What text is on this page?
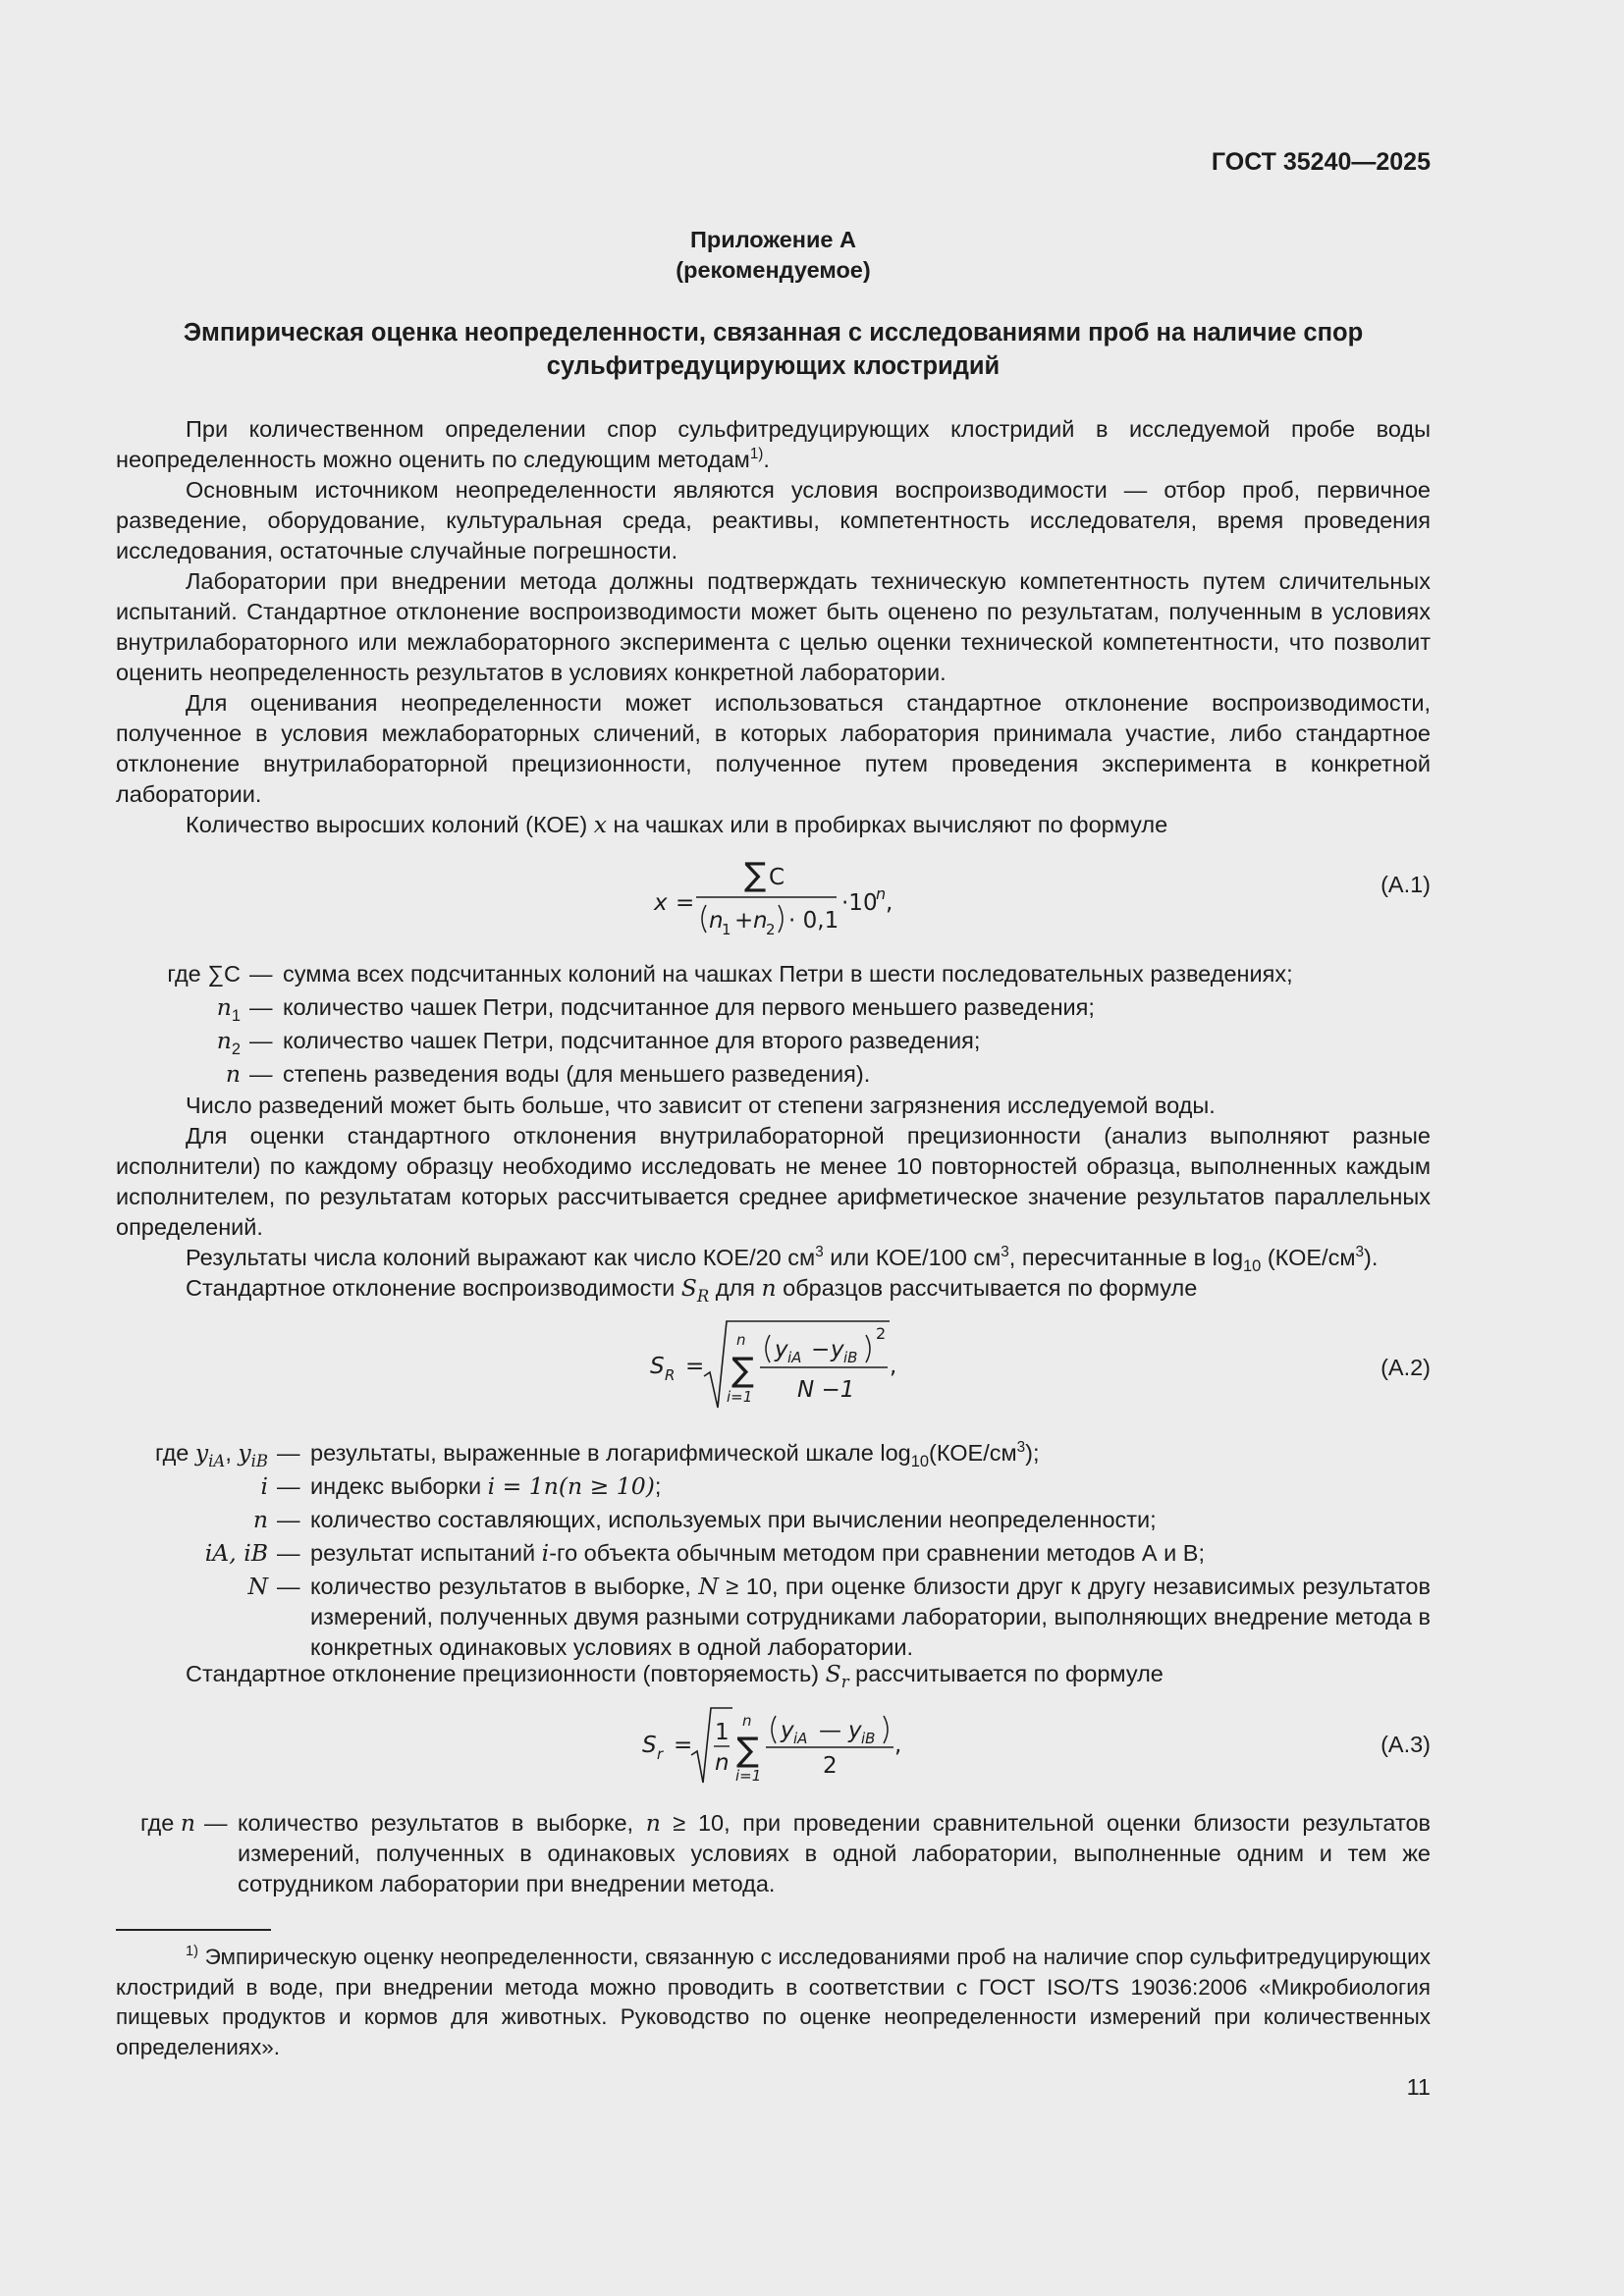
ГОСТ 35240—2025
Приложение А
(рекомендуемое)
Эмпирическая оценка неопределенности, связанная с исследованиями проб на наличие спор
сульфитредуцирующих клостридий

При количественном определении спор сульфитредуцирующих клостридий в исследуемой пробе воды неопределенность можно оценить по следующим методам$^{1)}$.

Основным источником неопределенности являются условия воспроизводимости — отбор проб, первичное разведение, оборудование, культуральная среда, реактивы, компетентность исследователя, время проведения исследования, остаточные случайные погрешности.

Лаборатории при внедрении метода должны подтверждать техническую компетентность путем сличительных испытаний. Стандартное отклонение воспроизводимости может быть оценено по результатам, полученным в условиях внутрилабораторного или межлабораторного эксперимента с целью оценки технической компетентности, что позволит оценить неопределенность результатов в условиях конкретной лаборатории.

Для оценивания неопределенности может использоваться стандартное отклонение воспроизводимости, полученное в условия межлабораторных сличений, в которых лаборатория принимала участие, либо стандартное отклонение внутрилабораторной прецизионности, полученное путем проведения эксперимента в конкретной лаборатории.

Количество выросших колоний (КОЕ) x на чашках или в пробирках вычисляют по формуле

x =
∑ C
n
1 + n
2 · 0,1
·10
n ,
(А.1)
где ∑C — сумма всех подсчитанных колоний на чашках Петри в шести последовательных разведениях;
$n_1$ — количество чашек Петри, подсчитанное для первого меньшего разведения;
$n_2$ — количество чашек Петри, подсчитанное для второго разведения;
n — степень разведения воды (для меньшего разведения).

Число разведений может быть больше, что зависит от степени загрязнения исследуемой воды.

Для оценки стандартного отклонения внутрилабораторной прецизионности (анализ выполняют разные исполнители) по каждому образцу необходимо исследовать не менее 10 повторностей образца, выполненных каждым исполнителем, по результатам которых рассчитывается среднее арифметическое значение результатов параллельных определений.

Результаты числа колоний выражают как число КОЕ/20 $см^3$ или КОЕ/100 $см^3$, пересчитанные в $\log_{10} (КОЕ/см^3)$.

Стандартное отклонение воспроизводимости $S_R$ для n образцов рассчитывается по формуле

S R = ∑
n
i=1
y iA − y iB
2
N −1
,	(А.2)
где $y_{iA}$, $y_{iB}$ — результаты, выраженные в логарифмической шкале $\log_{10}(КОЕ/см^3)$;
i — индекс выборки i = 1n(n ≥ 10);
n — количество составляющих, используемых при вычислении неопределенности;
iA, iB — результат испытаний i-го объекта обычным методом при сравнении методов А и В;
N — количество результатов в выборке, N ≥ 10, при оценке близости друг к другу независимых результатов измерений, полученных двумя разными сотрудниками лаборатории, выполняющих внедрение метода в конкретных одинаковых условиях в одной лаборатории.

Стандартное отклонение прецизионности (повторяемость) $S_r$ рассчитывается по формуле

S r = 1
n ∑
n
i=1
y iA — y iB
2
,	(А.3)
где n — количество результатов в выборке, n ≥ 10, при проведении сравнительной оценки близости результатов измерений, полученных в одинаковых условиях в одной лаборатории, выполненные одним и тем же сотрудником лаборатории при внедрении метода.
$^{1)}$ Эмпирическую оценку неопределенности, связанную с исследованиями проб на наличие спор сульфитредуцирующих клостридий в воде, при внедрении метода можно проводить в соответствии с ГОСТ ISO/TS 19036:2006 «Микробиология пищевых продуктов и кормов для животных. Руководство по оценке неопределенности измерений при количественных определениях».
11
